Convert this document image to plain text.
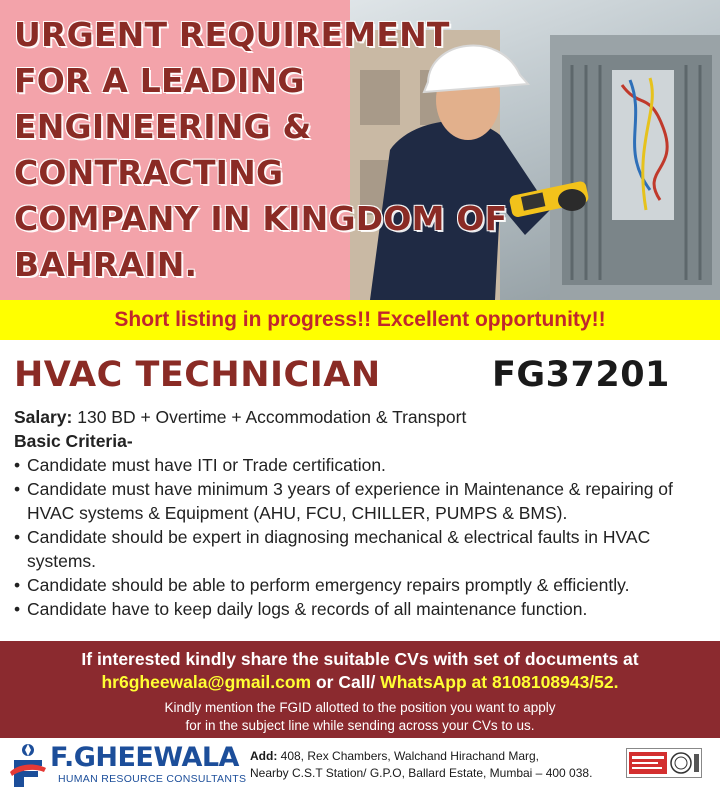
URGENT REQUIREMENT
FOR A LEADING
ENGINEERING &
CONTRACTING
COMPANY IN KINGDOM OF
BAHRAIN.
Short listing in progress!! Excellent opportunity!!
HVAC TECHNICIAN	FG37201
Salary: 130 BD + Overtime + Accommodation & Transport
Basic Criteria-
• Candidate must have ITI or Trade certification.
• Candidate must have minimum 3 years of experience in Maintenance & repairing of HVAC systems & Equipment (AHU, FCU, CHILLER, PUMPS & BMS).
• Candidate should be expert in diagnosing mechanical & electrical faults in HVAC systems.
• Candidate should be able to perform emergency repairs promptly & efficiently.
• Candidate have to keep daily logs & records of all maintenance function.
If interested kindly share the suitable CVs with set of documents at
hr6gheewala@gmail.com or Call/ WhatsApp at 8108108943/52.
Kindly mention the FGID allotted to the position you want to apply
for in the subject line while sending across your CVs to us.
F.GHEEWALA
HUMAN RESOURCE CONSULTANTS
Add: 408, Rex Chambers, Walchand Hirachand Marg,
Nearby C.S.T Station/ G.P.O, Ballard Estate, Mumbai – 400 038.
